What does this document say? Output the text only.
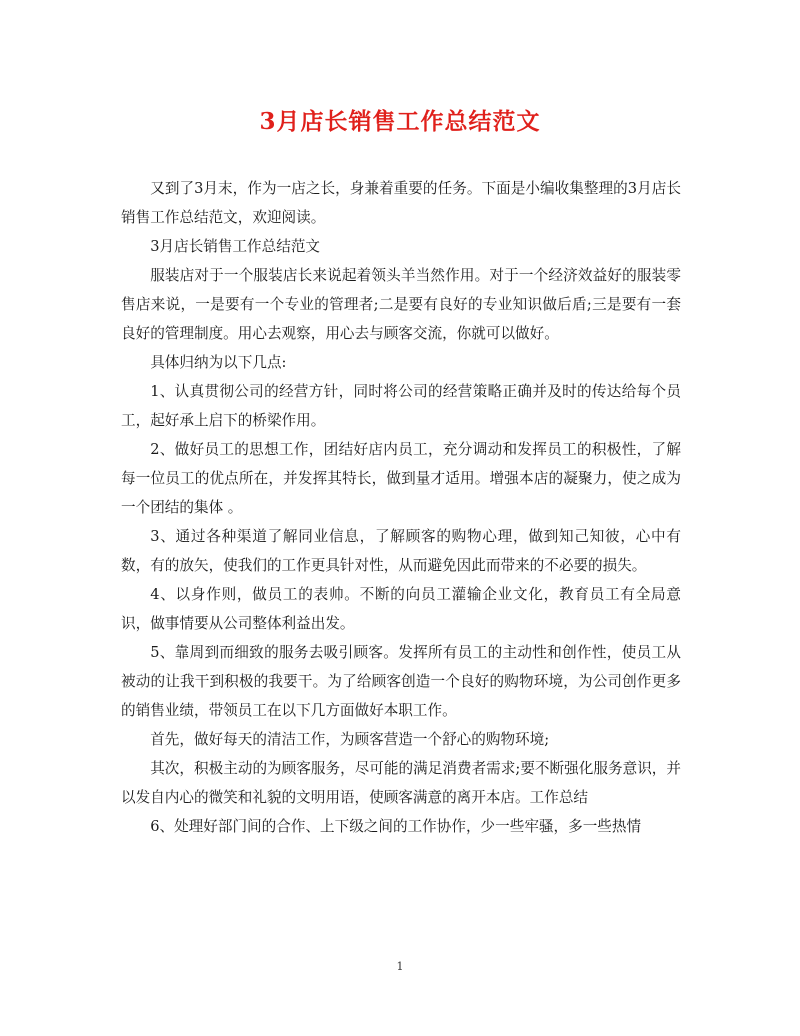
3月店长销售工作总结范文

又到了3月末，作为一店之长，身兼着重要的任务。下面是小编收集整理的3月店长销售工作总结范文，欢迎阅读。

3月店长销售工作总结范文

服装店对于一个服装店长来说起着领头羊当然作用。对于一个经济效益好的服装零售店来说，一是要有一个专业的管理者;二是要有良好的专业知识做后盾;三是要有一套良好的管理制度。用心去观察，用心去与顾客交流，你就可以做好。

具体归纳为以下几点:

1、认真贯彻公司的经营方针，同时将公司的经营策略正确并及时的传达给每个员工，起好承上启下的桥梁作用。

2、做好员工的思想工作，团结好店内员工，充分调动和发挥员工的积极性，了解每一位员工的优点所在，并发挥其特长，做到量才适用。增强本店的凝聚力，使之成为一个团结的集体 。

3、通过各种渠道了解同业信息，了解顾客的购物心理，做到知己知彼，心中有数，有的放矢，使我们的工作更具针对性，从而避免因此而带来的不必要的损失。

4、以身作则，做员工的表帅。不断的向员工灌输企业文化，教育员工有全局意识，做事情要从公司整体利益出发。

5、靠周到而细致的服务去吸引顾客。发挥所有员工的主动性和创作性，使员工从被动的让我干到积极的我要干。为了给顾客创造一个良好的购物环境，为公司创作更多的销售业绩，带领员工在以下几方面做好本职工作。

首先，做好每天的清洁工作，为顾客营造一个舒心的购物环境;

其次，积极主动的为顾客服务，尽可能的满足消费者需求;要不断强化服务意识，并以发自内心的微笑和礼貌的文明用语，使顾客满意的离开本店。工作总结

6、处理好部门间的合作、上下级之间的工作协作，少一些牢骚，多一些热情

1
